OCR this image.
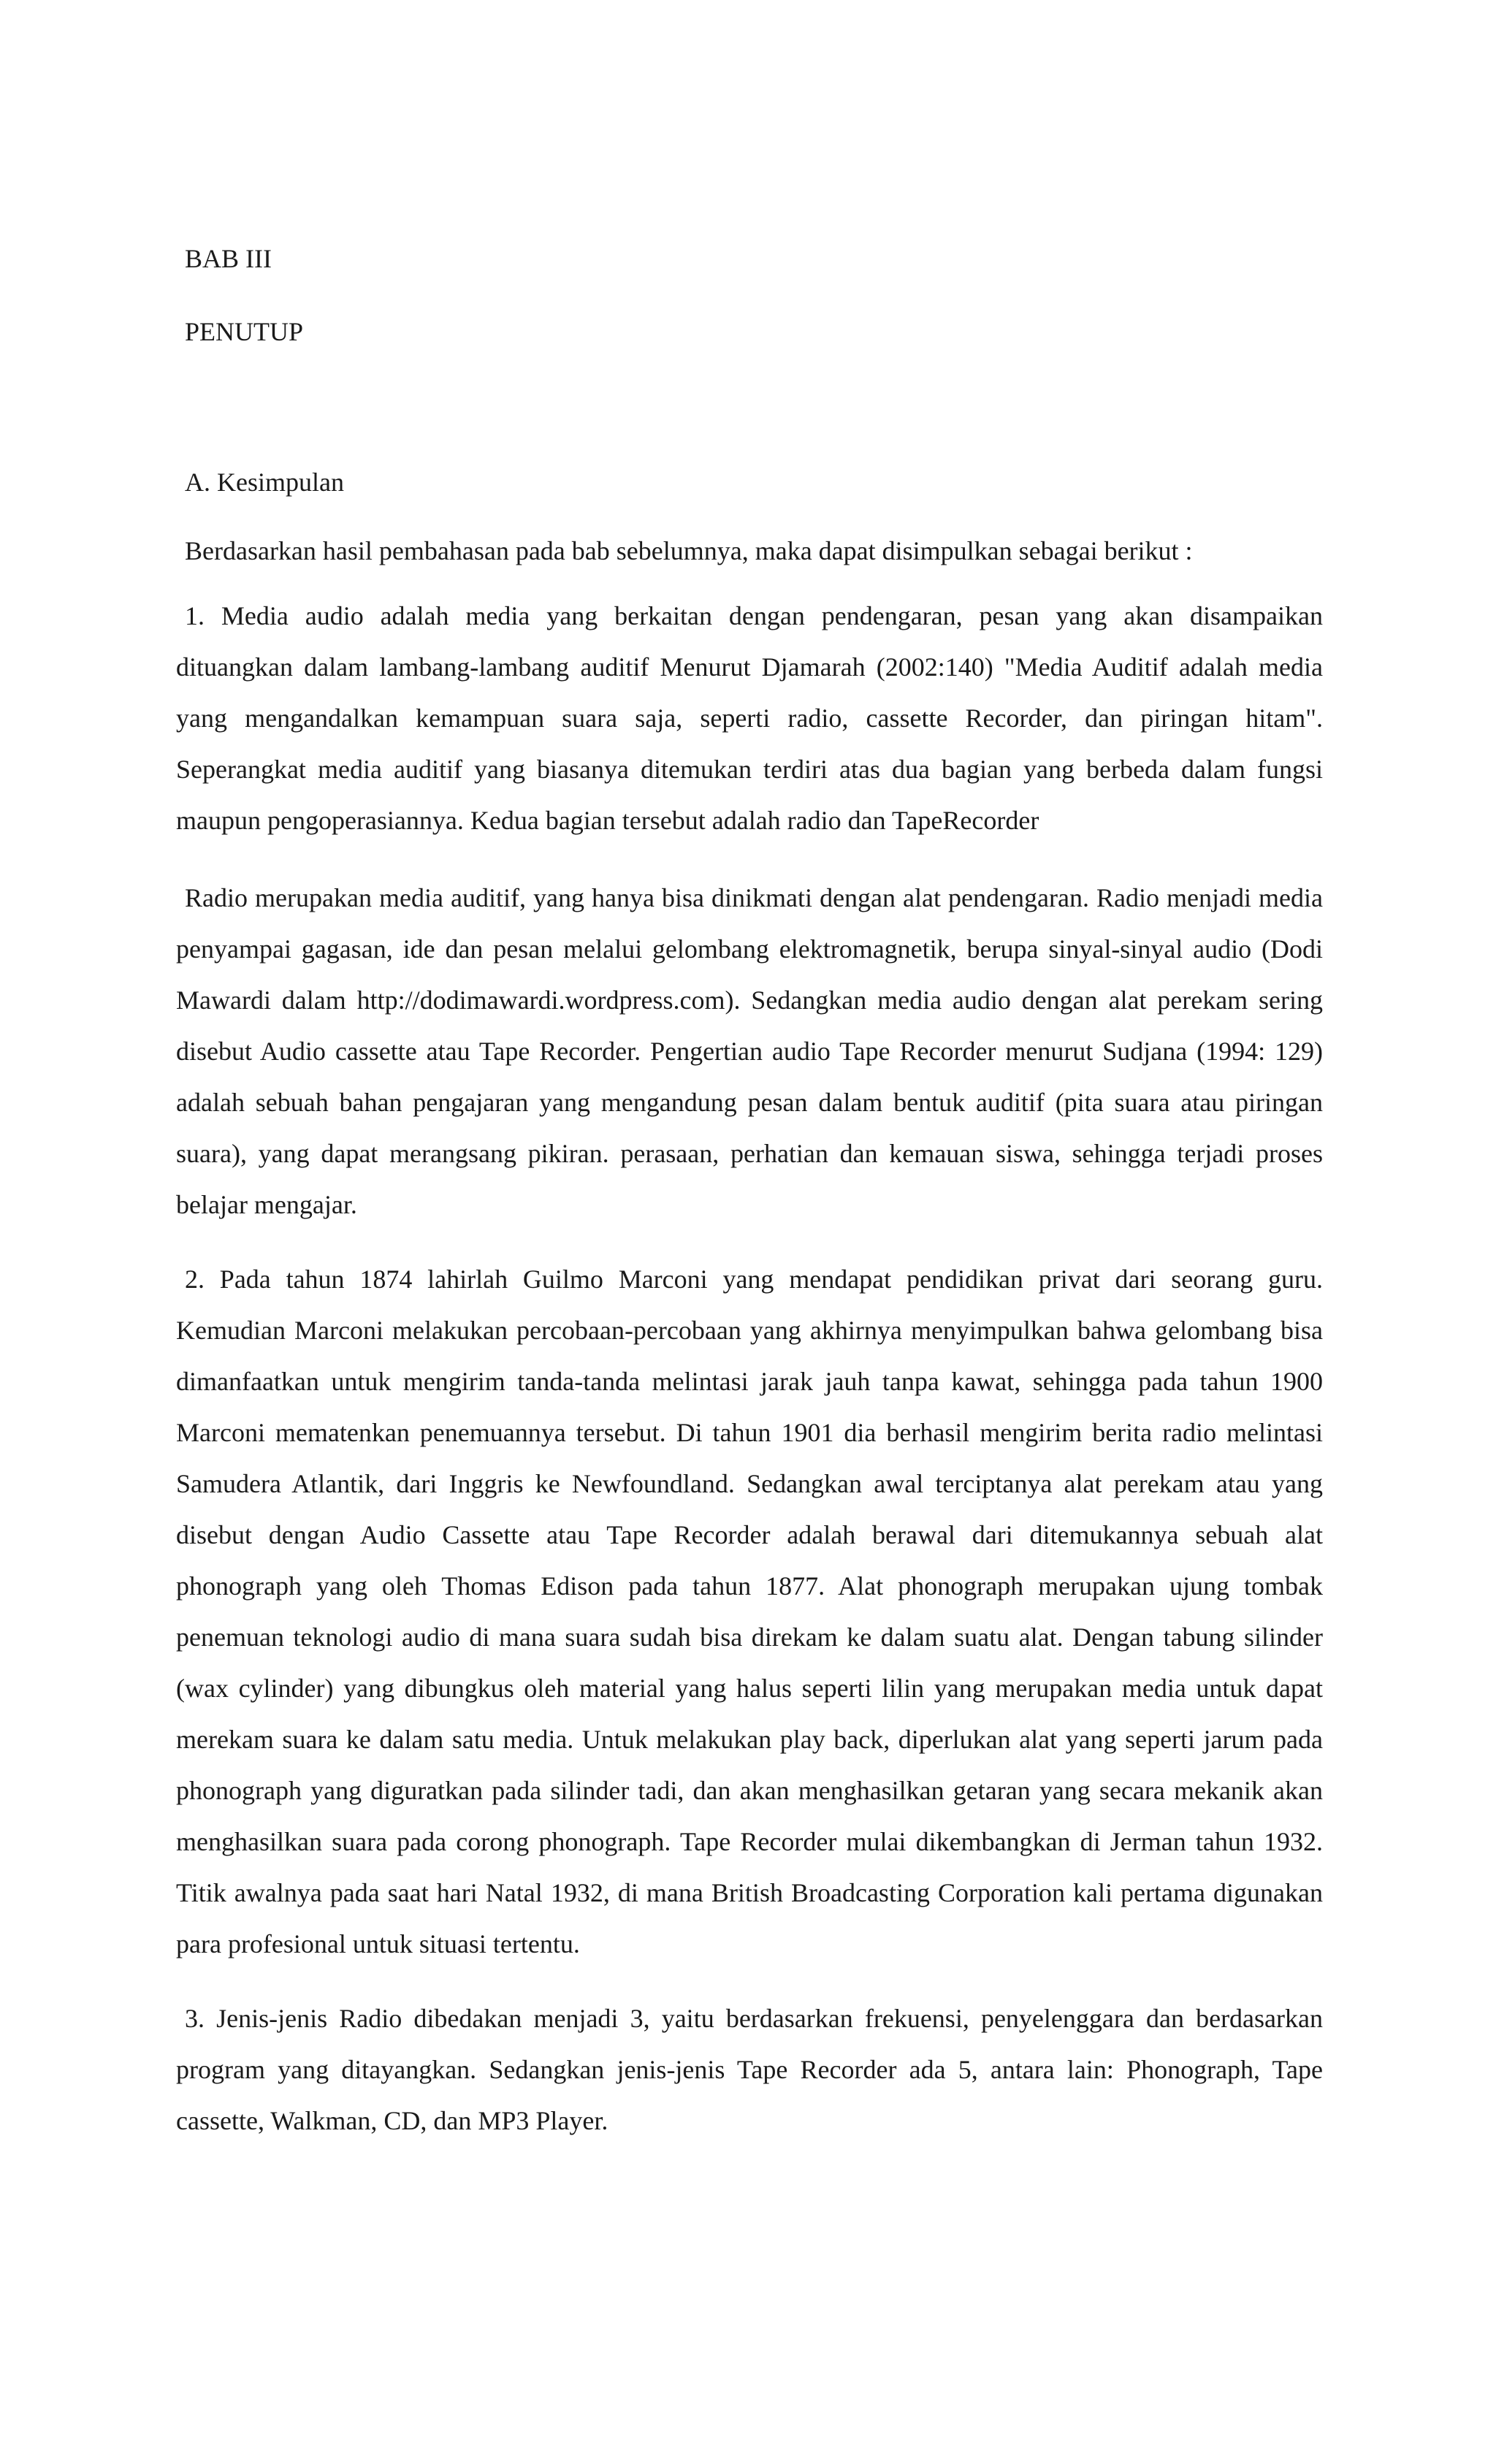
BAB III

PENUTUP

A. Kesimpulan

Berdasarkan hasil pembahasan pada bab sebelumnya, maka dapat disimpulkan sebagai berikut :

1. Media audio adalah media yang berkaitan dengan pendengaran, pesan yang akan disampaikan dituangkan dalam lambang-lambang auditif Menurut Djamarah (2002:140) "Media Auditif adalah media yang mengandalkan kemampuan suara saja, seperti radio, cassette Recorder, dan piringan hitam". Seperangkat media auditif yang biasanya ditemukan terdiri atas dua bagian yang berbeda dalam fungsi maupun pengoperasiannya. Kedua bagian tersebut adalah radio dan TapeRecorder

Radio merupakan media auditif, yang hanya bisa dinikmati dengan alat pendengaran. Radio menjadi media penyampai gagasan, ide dan pesan melalui gelombang elektromagnetik, berupa sinyal-sinyal audio (Dodi Mawardi dalam http://dodimawardi.wordpress.com). Sedangkan media audio dengan alat perekam sering disebut Audio cassette atau Tape Recorder. Pengertian audio Tape Recorder menurut Sudjana (1994: 129) adalah sebuah bahan pengajaran yang mengandung pesan dalam bentuk auditif (pita suara atau piringan suara), yang dapat merangsang pikiran. perasaan, perhatian dan kemauan siswa, sehingga terjadi proses belajar mengajar.

2. Pada tahun 1874 lahirlah Guilmo Marconi yang mendapat pendidikan privat dari seorang guru. Kemudian Marconi melakukan percobaan-percobaan yang akhirnya menyimpulkan bahwa gelombang bisa dimanfaatkan untuk mengirim tanda-tanda melintasi jarak jauh tanpa kawat, sehingga pada tahun 1900 Marconi mematenkan penemuannya tersebut. Di tahun 1901 dia berhasil mengirim berita radio melintasi Samudera Atlantik, dari Inggris ke Newfoundland. Sedangkan awal terciptanya alat perekam atau yang disebut dengan Audio Cassette atau Tape Recorder adalah berawal dari ditemukannya sebuah alat phonograph yang oleh Thomas Edison pada tahun 1877. Alat phonograph merupakan ujung tombak penemuan teknologi audio di mana suara sudah bisa direkam ke dalam suatu alat. Dengan tabung silinder (wax cylinder) yang dibungkus oleh material yang halus seperti lilin yang merupakan media untuk dapat merekam suara ke dalam satu media. Untuk melakukan play back, diperlukan alat yang seperti jarum pada phonograph yang diguratkan pada silinder tadi, dan akan menghasilkan getaran yang secara mekanik akan menghasilkan suara pada corong phonograph. Tape Recorder mulai dikembangkan di Jerman tahun 1932. Titik awalnya pada saat hari Natal 1932, di mana British Broadcasting Corporation kali pertama digunakan para profesional untuk situasi tertentu.

3. Jenis-jenis Radio dibedakan menjadi 3, yaitu berdasarkan frekuensi, penyelenggara dan berdasarkan program yang ditayangkan. Sedangkan jenis-jenis Tape Recorder ada 5, antara lain: Phonograph, Tape cassette, Walkman, CD, dan MP3 Player.
